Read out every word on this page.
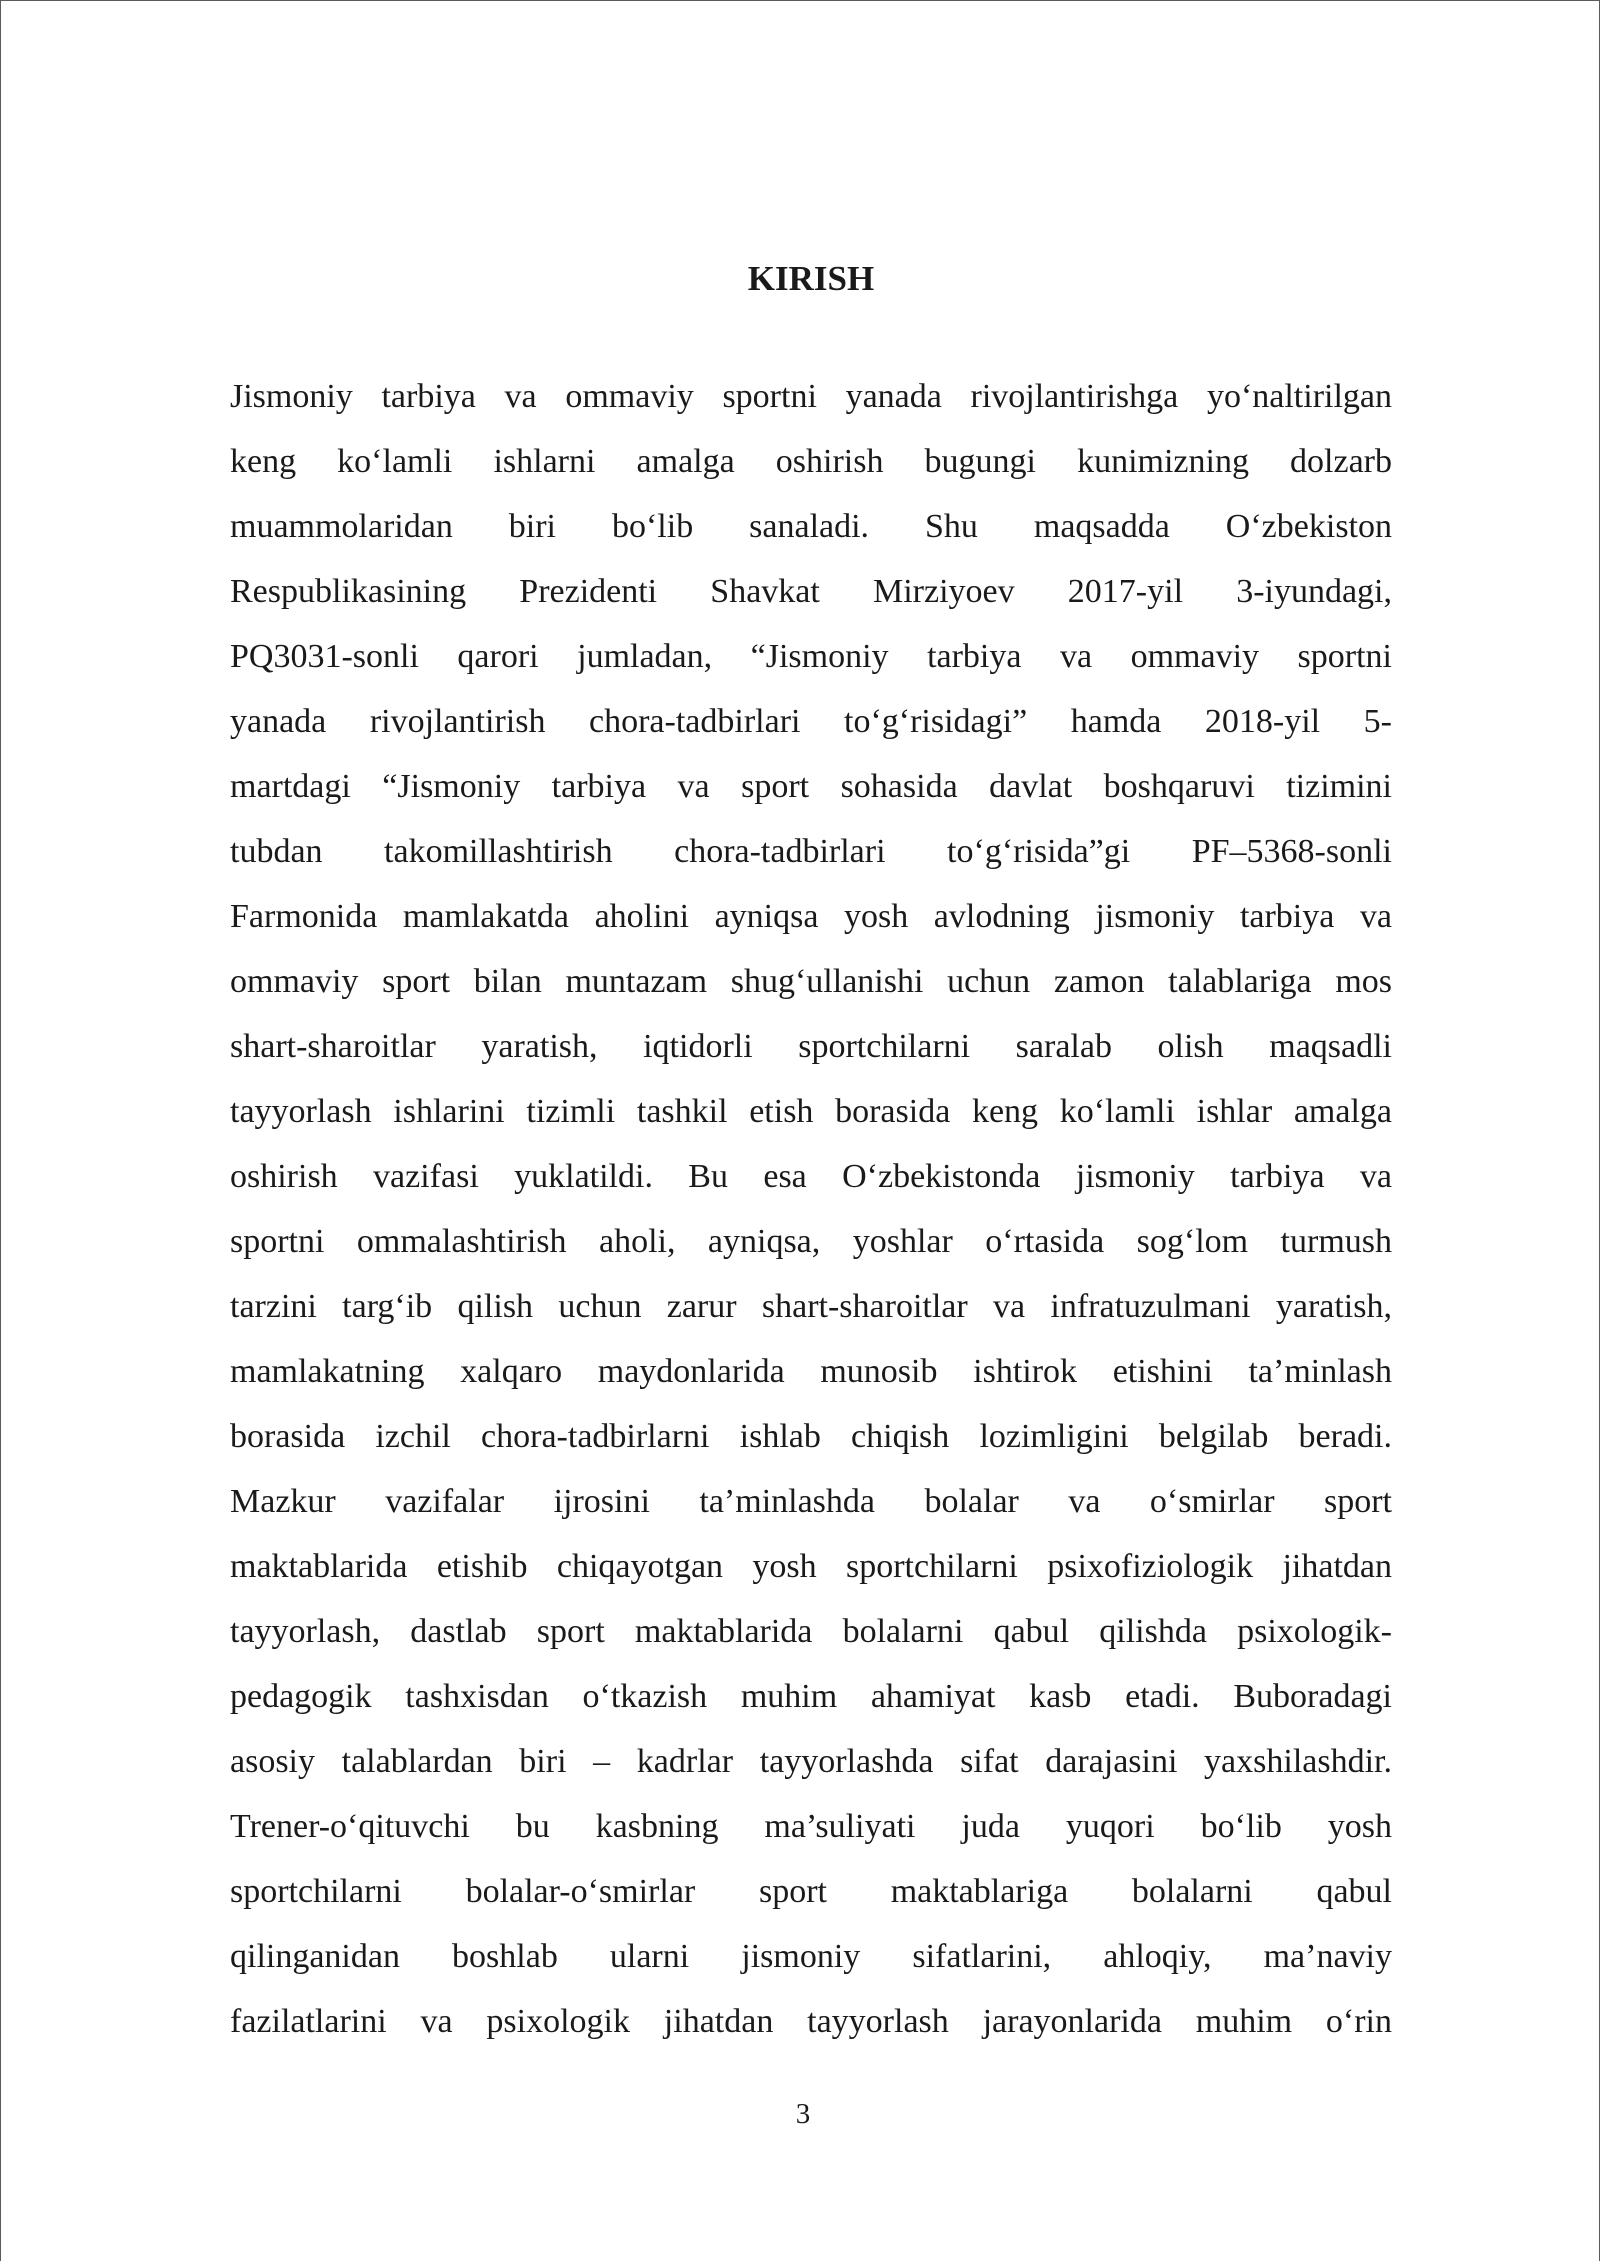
KIRISH
Jismoniy tarbiya va ommaviy sportni yanada rivojlantirishga yo‘naltirilgan
keng ko‘lamli ishlarni amalga oshirish bugungi kunimizning dolzarb
muammolaridan biri bo‘lib sanaladi. Shu maqsadda O‘zbekiston
Respublikasining Prezidenti Shavkat Mirziyoev 2017-yil 3-iyundagi,
PQ3031-sonli qarori jumladan, “Jismoniy tarbiya va ommaviy sportni
yanada rivojlantirish chora-tadbirlari to‘g‘risidagi” hamda 2018-yil 5-
martdagi “Jismoniy tarbiya va sport sohasida davlat boshqaruvi tizimini
tubdan takomillashtirish chora-tadbirlari to‘g‘risida”gi PF–5368-sonli
Farmonida mamlakatda aholini ayniqsa yosh avlodning jismoniy tarbiya va
ommaviy sport bilan muntazam shug‘ullanishi uchun zamon talablariga mos
shart-sharoitlar yaratish, iqtidorli sportchilarni saralab olish maqsadli
tayyorlash ishlarini tizimli tashkil etish borasida keng ko‘lamli ishlar amalga
oshirish vazifasi yuklatildi. Bu esa O‘zbekistonda jismoniy tarbiya va
sportni ommalashtirish aholi, ayniqsa, yoshlar o‘rtasida sog‘lom turmush
tarzini targ‘ib qilish uchun zarur shart-sharoitlar va infratuzulmani yaratish,
mamlakatning xalqaro maydonlarida munosib ishtirok etishini ta’minlash
borasida izchil chora-tadbirlarni ishlab chiqish lozimligini belgilab beradi.
Mazkur vazifalar ijrosini ta’minlashda bolalar va o‘smirlar sport
maktablarida etishib chiqayotgan yosh sportchilarni psixofiziologik jihatdan
tayyorlash, dastlab sport maktablarida bolalarni qabul qilishda psixologik-
pedagogik tashxisdan o‘tkazish muhim ahamiyat kasb etadi. Buboradagi
asosiy talablardan biri – kadrlar tayyorlashda sifat darajasini yaxshilashdir.
Trener-o‘qituvchi bu kasbning ma’suliyati juda yuqori bo‘lib yosh
sportchilarni bolalar-o‘smirlar sport maktablariga bolalarni qabul
qilinganidan boshlab ularni jismoniy sifatlarini, ahloqiy, ma’naviy
fazilatlarini va psixologik jihatdan tayyorlash jarayonlarida muhim o‘rin
3
